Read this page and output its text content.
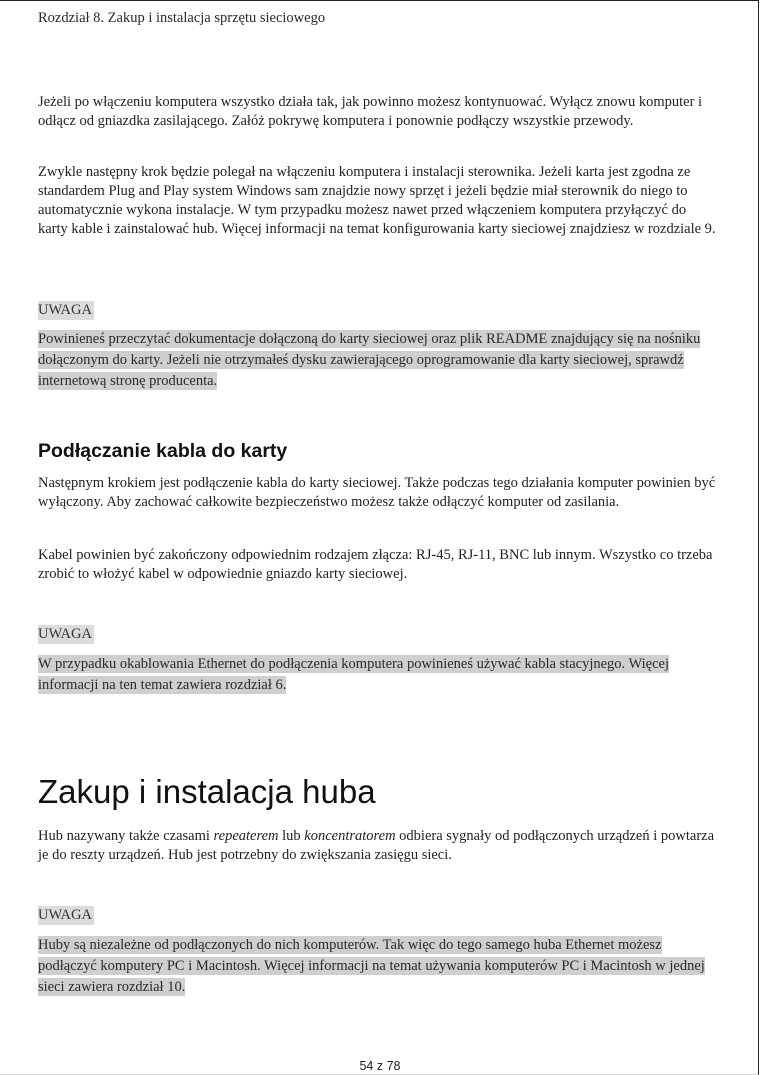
Rozdział 8. Zakup i instalacja sprzętu sieciowego

Jeżeli po włączeniu komputera wszystko działa tak, jak powinno możesz kontynuować. Wyłącz znowu komputer i odłącz od gniazdka zasilającego. Załóż pokrywę komputera i ponownie podłączy wszystkie przewody.

Zwykle następny krok będzie polegał na włączeniu komputera i instalacji sterownika. Jeżeli karta jest zgodna ze standardem Plug and Play system Windows sam znajdzie nowy sprzęt i jeżeli będzie miał sterownik do niego to automatycznie wykona instalacje. W tym przypadku możesz nawet przed włączeniem komputera przyłączyć do karty kable i zainstalować hub. Więcej informacji na temat konfigurowania karty sieciowej znajdziesz w rozdziale 9.

UWAGA

Powinieneś przeczytać dokumentacje dołączoną do karty sieciowej oraz plik README znajdujący się na nośniku dołączonym do karty. Jeżeli nie otrzymałeś dysku zawierającego oprogramowanie dla karty sieciowej, sprawdź internetową stronę producenta.

Podłączanie kabla do karty

Następnym krokiem jest podłączenie kabla do karty sieciowej. Także podczas tego działania komputer powinien być wyłączony. Aby zachować całkowite bezpieczeństwo możesz także odłączyć komputer od zasilania.

Kabel powinien być zakończony odpowiednim rodzajem złącza: RJ-45, RJ-11, BNC lub innym. Wszystko co trzeba zrobić to włożyć kabel w odpowiednie gniazdo karty sieciowej.

UWAGA

W przypadku okablowania Ethernet do podłączenia komputera powinieneś używać kabla stacyjnego. Więcej informacji na ten temat zawiera rozdział 6.

Zakup i instalacja huba

Hub nazywany także czasami repeaterem lub koncentratorem odbiera sygnały od podłączonych urządzeń i powtarza je do reszty urządzeń. Hub jest potrzebny do zwiększania zasięgu sieci.

UWAGA

Huby są niezależne od podłączonych do nich komputerów. Tak więc do tego samego huba Ethernet możesz podłączyć komputery PC i Macintosh. Więcej informacji na temat używania komputerów PC i Macintosh w jednej sieci zawiera rozdział 10.

54 z 78
